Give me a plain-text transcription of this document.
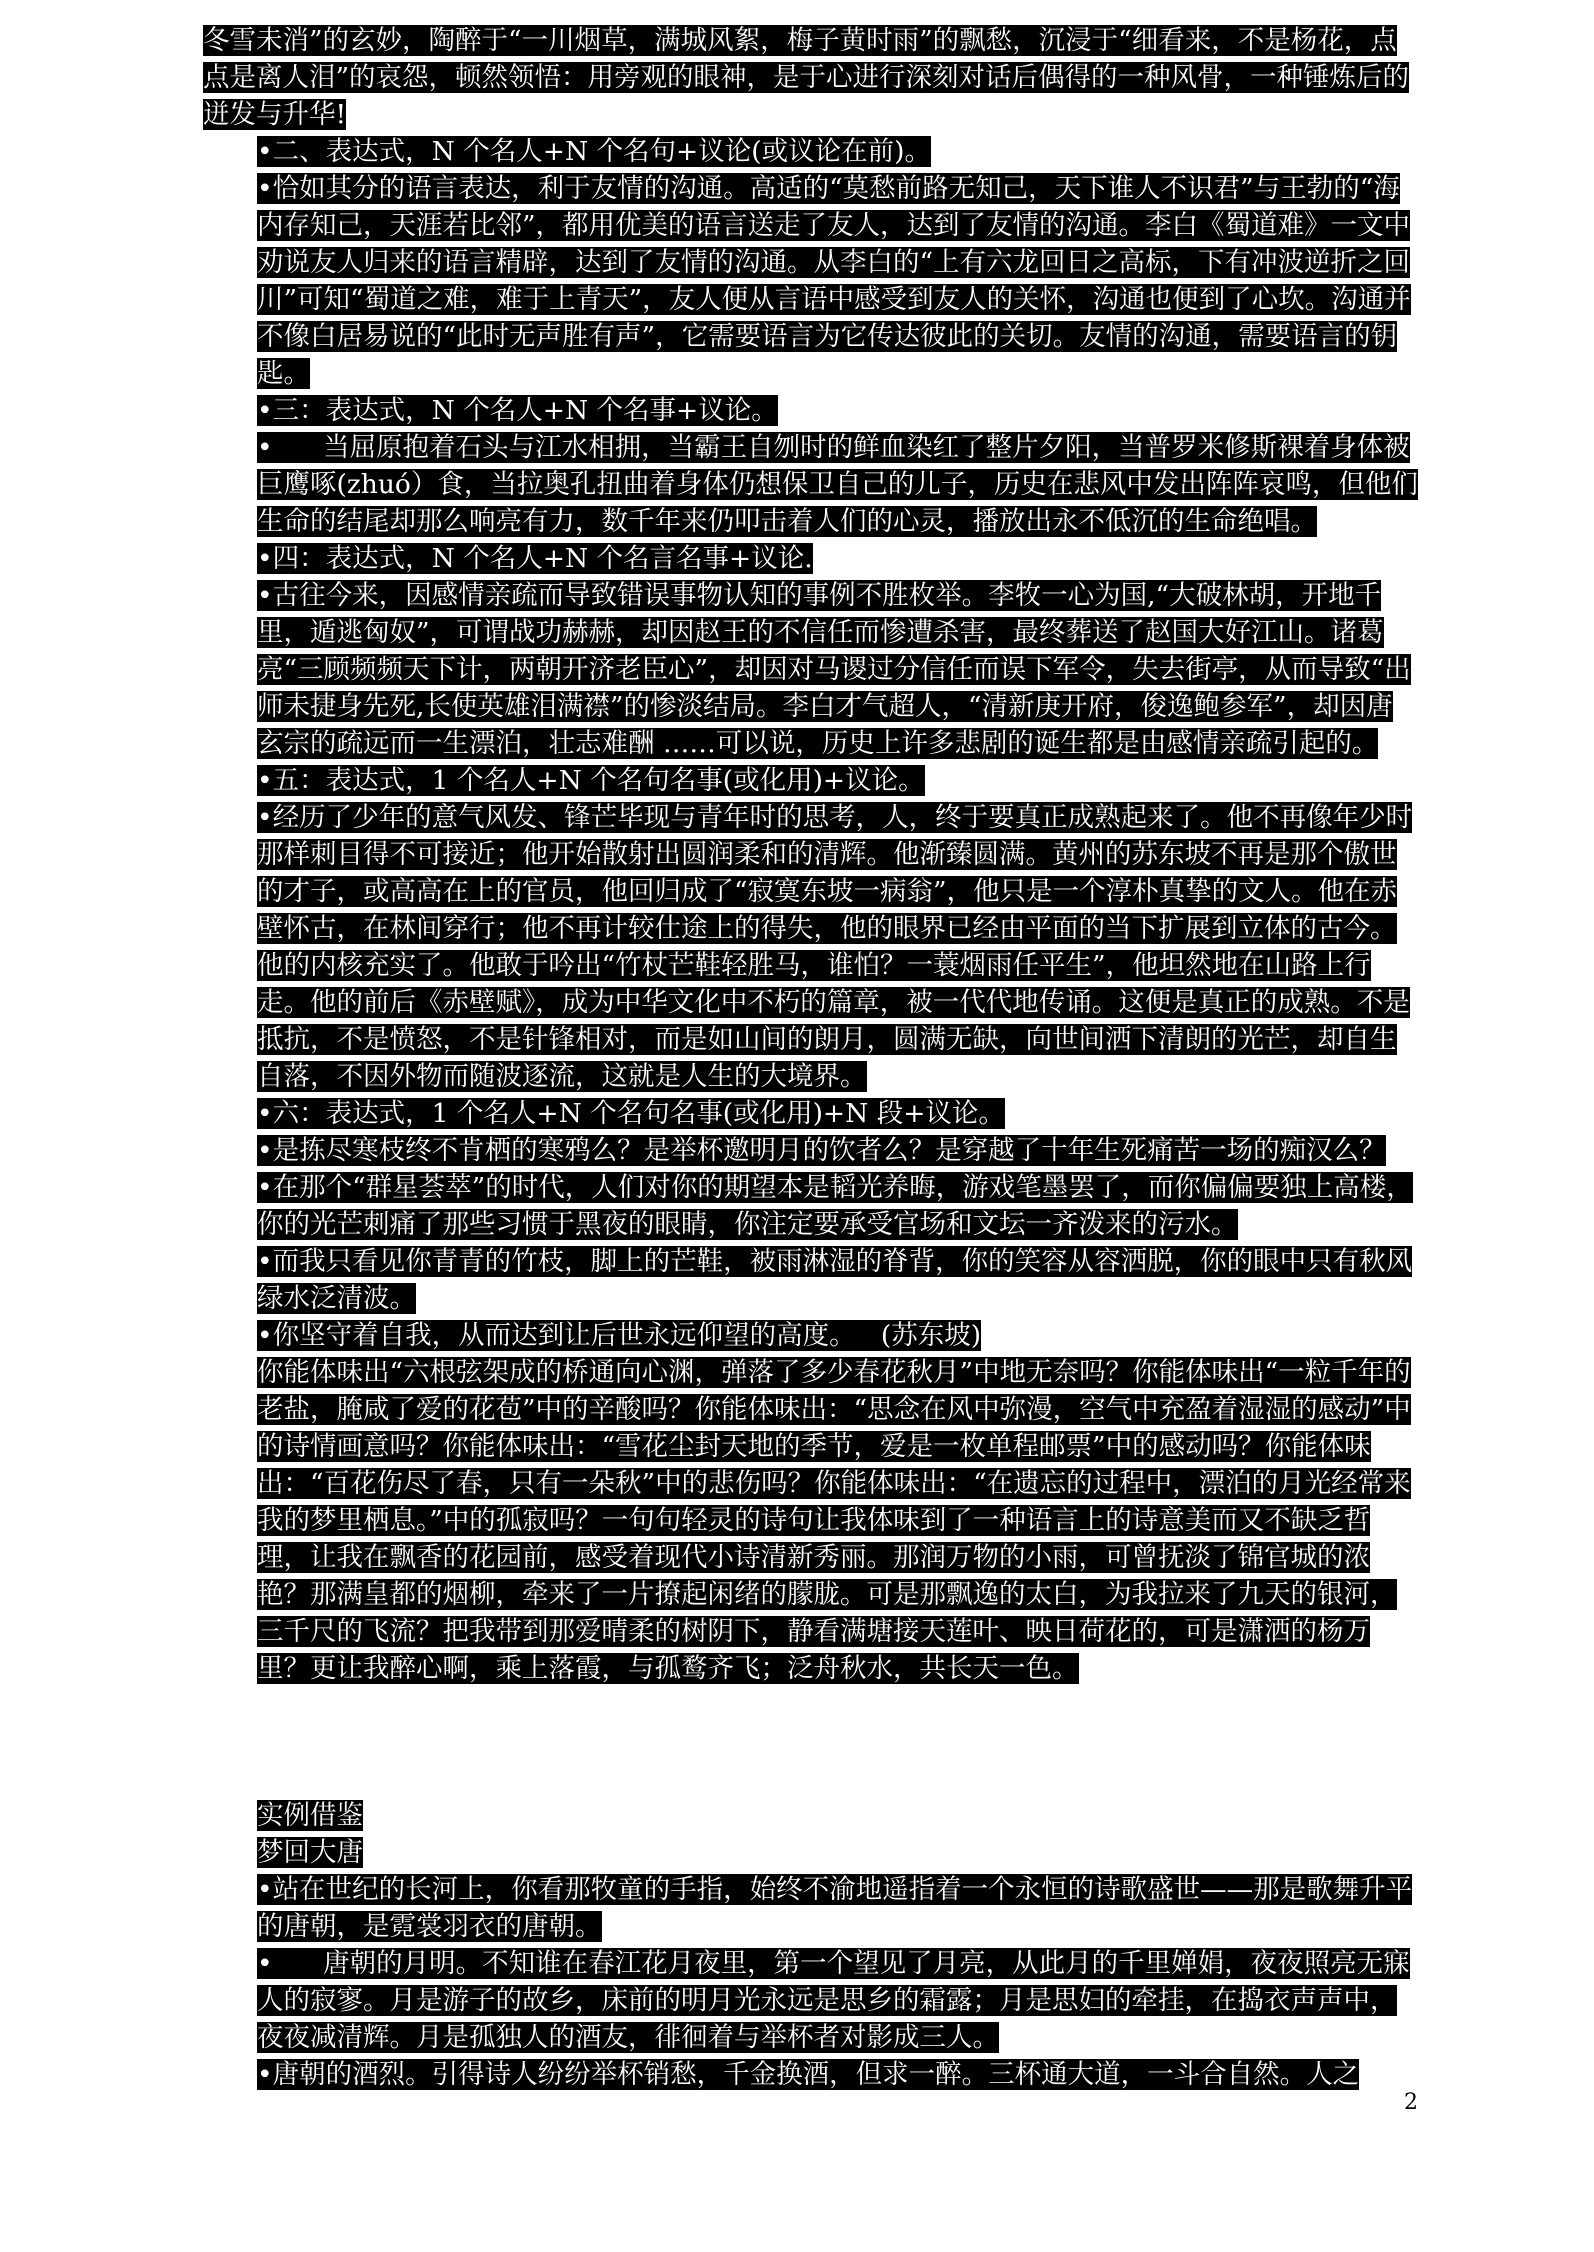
冬雪未消”的玄妙，陶醉于“一川烟草，满城风絮，梅子黄时雨”的飘愁，沉浸于“细看来，不是杨花，点点是离人泪”的哀怨，顿然领悟：用旁观的眼神，是于心进行深刻对话后偶得的一种风骨，一种锤炼后的迸发与升华!

•二、表达式，N 个名人+N 个名句+议论(或议论在前)。

•恰如其分的语言表达，利于友情的沟通。高适的“莫愁前路无知己，天下谁人不识君”与王勃的“海内存知己，天涯若比邻”，都用优美的语言送走了友人，达到了友情的沟通。李白《蜀道难》一文中劝说友人归来的语言精辟，达到了友情的沟通。从李白的“上有六龙回日之高标，下有冲波逆折之回川”可知“蜀道之难，难于上青天”，友人便从言语中感受到友人的关怀，沟通也便到了心坎。沟通并不像白居易说的“此时无声胜有声”，它需要语言为它传达彼此的关切。友情的沟通，需要语言的钥匙。

•三：表达式，N 个名人+N 个名事+议论。

•      当屈原抱着石头与江水相拥，当霸王自刎时的鲜血染红了整片夕阳，当普罗米修斯裸着身体被巨鹰啄(zhuó）食，当拉奥孔扭曲着身体仍想保卫自己的儿子，历史在悲风中发出阵阵哀鸣，但他们生命的结尾却那么响亮有力，数千年来仍叩击着人们的心灵，播放出永不低沉的生命绝唱。

•四：表达式，N 个名人+N 个名言名事+议论.

•古往今来，因感情亲疏而导致错误事物认知的事例不胜枚举。李牧一心为国,“大破林胡，开地千里，遁逃匈奴”，可谓战功赫赫，却因赵王的不信任而惨遭杀害，最终葬送了赵国大好江山。诸葛亮“三顾频频天下计，两朝开济老臣心”，却因对马谡过分信任而误下军令，失去街亭，从而导致“出师未捷身先死,长使英雄泪满襟”的惨淡结局。李白才气超人，“清新庚开府，俊逸鲍参军”，却因唐玄宗的疏远而一生漂泊，壮志难酬 ……可以说，历史上许多悲剧的诞生都是由感情亲疏引起的。

•五：表达式，1 个名人+N 个名句名事(或化用)+议论。

•经历了少年的意气风发、锋芒毕现与青年时的思考，人，终于要真正成熟起来了。他不再像年少时那样刺目得不可接近；他开始散射出圆润柔和的清辉。他渐臻圆满。黄州的苏东坡不再是那个傲世的才子，或高高在上的官员，他回归成了“寂寞东坡一病翁”，他只是一个淳朴真挚的文人。他在赤壁怀古，在林间穿行；他不再计较仕途上的得失，他的眼界已经由平面的当下扩展到立体的古今。他的内核充实了。他敢于吟出“竹杖芒鞋轻胜马，谁怕？一蓑烟雨任平生”，他坦然地在山路上行走。他的前后《赤壁赋》，成为中华文化中不朽的篇章，被一代代地传诵。这便是真正的成熟。不是抵抗，不是愤怒，不是针锋相对，而是如山间的朗月，圆满无缺，向世间洒下清朗的光芒，却自生自落，不因外物而随波逐流，这就是人生的大境界。

•六：表达式，1 个名人+N 个名句名事(或化用)+N 段+议论。

•是拣尽寒枝终不肯栖的寒鸦么？是举杯邀明月的饮者么？是穿越了十年生死痛苦一场的痴汉么？

•在那个“群星荟萃”的时代，人们对你的期望本是韬光养晦，游戏笔墨罢了，而你偏偏要独上高楼，你的光芒刺痛了那些习惯于黑夜的眼睛，你注定要承受官场和文坛一齐泼来的污水。

•而我只看见你青青的竹枝，脚上的芒鞋，被雨淋湿的脊背，你的笑容从容洒脱，你的眼中只有秋风绿水泛清波。

•你坚守着自我，从而达到让后世永远仰望的高度。   (苏东坡)

你能体味出“六根弦架成的桥通向心渊，弹落了多少春花秋月”中地无奈吗？你能体味出“一粒千年的老盐，腌咸了爱的花苞”中的辛酸吗？你能体味出：“思念在风中弥漫，空气中充盈着湿湿的感动”中的诗情画意吗？你能体味出：“雪花尘封天地的季节，爱是一枚单程邮票”中的感动吗？你能体味出：“百花伤尽了春，只有一朵秋”中的悲伤吗？你能体味出：“在遗忘的过程中，漂泊的月光经常来我的梦里栖息。”中的孤寂吗？一句句轻灵的诗句让我体味到了一种语言上的诗意美而又不缺乏哲理，让我在飘香的花园前，感受着现代小诗清新秀丽。那润万物的小雨，可曾抚淡了锦官城的浓艳？那满皇都的烟柳，牵来了一片撩起闲绪的朦胧。可是那飘逸的太白，为我拉来了九天的银河，三千尺的飞流？把我带到那爱晴柔的树阴下，静看满塘接天莲叶、映日荷花的，可是潇洒的杨万里？更让我醉心啊，乘上落霞，与孤鹜齐飞；泛舟秋水，共长天一色。

实例借鉴

梦回大唐

•站在世纪的长河上，你看那牧童的手指，始终不渝地遥指着一个永恒的诗歌盛世——那是歌舞升平的唐朝，是霓裳羽衣的唐朝。

•      唐朝的月明。不知谁在春江花月夜里，第一个望见了月亮，从此月的千里婵娟，夜夜照亮无寐人的寂寥。月是游子的故乡，床前的明月光永远是思乡的霜露；月是思妇的牵挂，在捣衣声声中，夜夜减清辉。月是孤独人的酒友，徘徊着与举杯者对影成三人。

•唐朝的酒烈。引得诗人纷纷举杯销愁，千金换酒，但求一醉。三杯通大道，一斗合自然。人之

2
